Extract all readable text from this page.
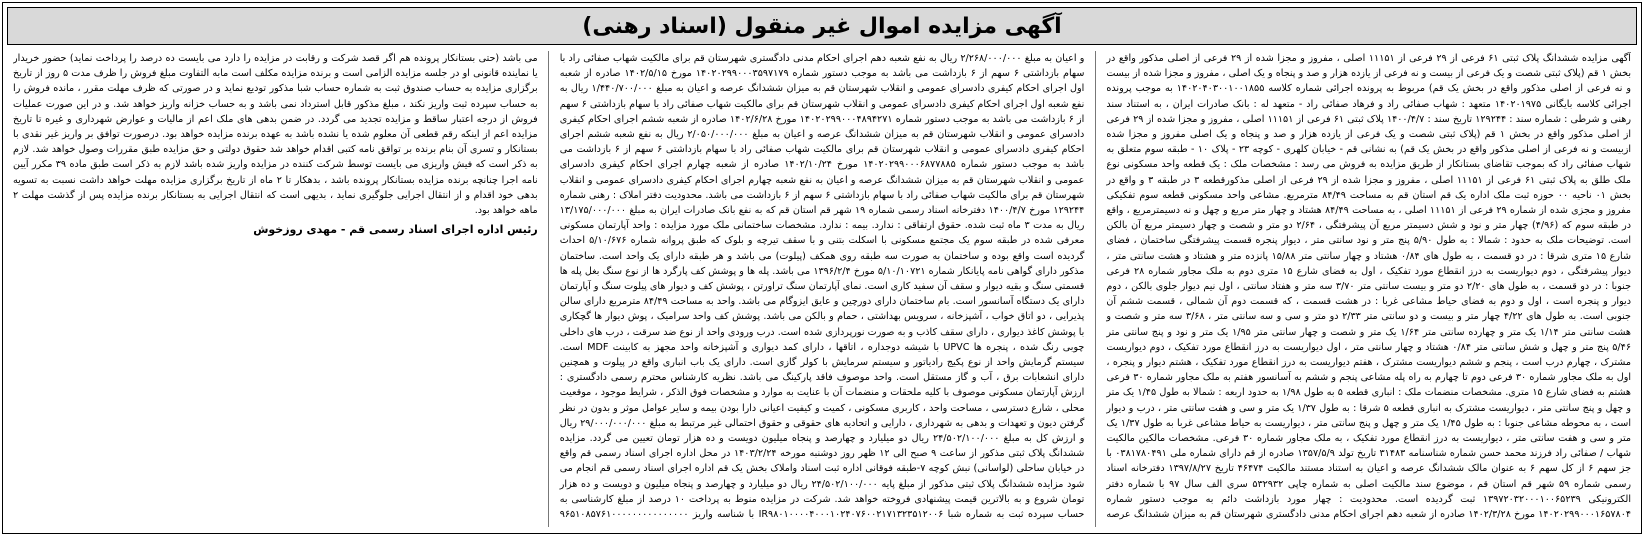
آگهی مزایده اموال غیر منقول (اسناد رهنی)

آگهی مزایده ششدانگ پلاک ثبتی ۶۱ فرعی از ۲۹ فرعی از ۱۱۱۵۱ اصلی ، مفروز و مجزا شده از ۲۹ فرعی از اصلی مذکور واقع در بخش ۱ قم (پلاک ثبتی شصت و یک فرعی از بیست و نه فرعی از یازده هزار و صد و پنجاه و یک اصلی ، مفروز و مجزا شده از بیست و نه فرعی از اصلی مذکور واقع در بخش یک قم) مربوط به پرونده اجرائی شماره کلاسه ۱۴۰۲۰۴۰۳۰۰۱۰۰۱۸۵۵ به موجب پرونده اجرائی کلاسه بایگانی ۱۴۰۲۰۱۹۷۵ متعهد : شهاب صفائی راد و فرهاد صفائی راد - متعهد له : بانک صادرات ایران ، به استناد سند رهنی و شرطی : شماره سند : ۱۲۹۲۴۴ تاریخ سند : ۱۴۰۰/۴/۷ پلاک ثبتی ۶۱ فرعی از ۱۱۱۵۱ اصلی ، مفروز و مجزا شده از ۲۹ فرعی از اصلی مذکور واقع در بخش ۱ قم (پلاک ثبتی شصت و یک فرعی از یازده هزار و صد و پنجاه و یک اصلی مفروز و مجزا شده ازبیست و نه فرعی از اصلی مذکور واقع در بخش یک قم) به نشانی قم - خیابان کلهری - کوچه ۲۳ - پلاک ۱۰ - طبقه سوم متعلق به شهاب صفائی راد که بموجب تقاضای بستانکار از طریق مزایده به فروش می رسد : مشخصات ملک : یک قطعه واحد مسکونی نوع ملک طلق به پلاک ثبتی ۶۱ فرعی از ۱۱۱۵۱ اصلی ، مفروز و مجزا شده از ۲۹ فرعی از اصلی مذکورقطعه ۳ در طبقه ۳ و واقع در بخش ۰۱ ناحیه ۰۰ حوزه ثبت ملک اداره یک قم استان قم به مساحت ۸۴/۴۹ مترمربع. مشاعی واحد مسکونی قطعه سوم تفکیکی مفروز و مجزی شده از شماره ۲۹ فرعی از ۱۱۱۵۱ اصلی ، به مساحت ۸۴/۴۹ هشتاد و چهار متر مربع و چهل و نه دسیمترمربع ، واقع در طبقه سوم که (۴/۹۶) چهار متر و نود و شش دسیمتر مربع آن پیشرفتگی ، ۲/۶۴ دو متر و شصت و چهار دسیمتر مربع آن بالکن است. توضیحات ملک به حدود : شمالا : به طول ۵/۹۰ پنج متر و نود سانتی متر ، دیوار پنجره قسمت پیشرفتگی ساختمان ، فضای شارع ۱۵ متری شرقا : در دو قسمت ، به طول های ۰/۸۴ هشتاد و چهار سانتی متر ۱۵/۸۸ پانزده متر و هشتاد و هشت سانتی متر ، دیوار پیشرفتگی ، دوم دیواریست به درز انقطاع مورد تفکیک ، اول به فضای شارع ۱۵ متری دوم به ملک مجاور شماره ۲۸ فرعی جنوبا : در دو قسمت ، به طول های ۲/۲۰ دو متر و بیست سانتی متر ۳/۷۰ سه متر و هفتاد سانتی ، اول نیم دیوار جلوی بالکن ، دوم دیوار و پنجره است ، اول و دوم به فضای حیاط مشاعی غربا : در هشت قسمت ، که قسمت دوم آن شمالی ، قسمت ششم آن جنوبی است. به طول های ۴/۲۲ چهار متر و بیست و دو سانتی متر ۲/۳۳ دو متر و سی و سه سانتی متر ، ۳/۶۸ سه متر و شصت و هشت سانتی متر ۱/۱۴ یک متر و چهارده سانتی متر ۱/۶۴ یک متر و شصت و چهار سانتی متر ۱/۹۵ یک متر و نود و پنج سانتی متر ۵/۴۶ پنج متر و چهل و شش سانتی متر ۰/۸۴ هشتاد و چهار سانتی متر ، اول دیواریست به درز انقطاع مورد تفکیک ، دوم دیواریست مشترک ، چهارم درب است ، پنجم و ششم دیواریست مشترک ، هفتم دیواریست به درز انقطاع مورد تفکیک ، هشتم دیوار و پنجره ، اول به ملک مجاور شماره ۳۰ فرعی دوم تا چهارم به راه پله مشاعی پنجم و ششم به آسانسور هفتم به ملک مجاور شماره ۳۰ فرعی هشتم به فضای شارع ۱۵ متری. مشخصات منضمات ملک : انباری قطعه ۵ به طول ۱/۹۸ به حدود اربعه : شمالا به طول ۱/۴۵ یک متر و چهل و پنج سانتی متر ، دیواریست مشترک به انباری قطعه ۵ شرقا : به طول ۱/۳۷ یک متر و سی و هفت سانتی متر ، درب و دیوار است ، به محوطه مشاعی جنوبا : به طول ۱/۴۵ یک متر و چهل و پنج سانتی متر ، دیواریست به حیاط مشاعی غربا به طول ۱/۳۷ یک متر و سی و هفت سانتی متر ، دیواریست به درز انقطاع مورد تفکیک ، به ملک مجاور شماره ۳۰ فرعی. مشخصات مالکین مالکیت شهاب / صفائی راد فرزند محمد حسن شماره شناسنامه ۳۱۴۸۳ تاریخ تولد ۱۳۵۷/۵/۹ صادره از قم دارای شماره ملی ۰۳۸۱۷۸۰۴۹۱ با جز سهم ۶ از کل سهم ۶ به عنوان مالک ششدانگ عرصه و اعیان به استناد مستند مالکیت ۴۶۴۷۴ تاریخ ۱۳۹۷/۸/۲۷ دفترخانه اسناد رسمی شماره ۵۹ شهر قم استان قم ، موضوع سند مالکیت اصلی به شماره چاپی ۵۳۲۹۳۲ سری الف سال ۹۷ با شماره دفتر الکترونیکی ۱۳۹۷۲۰۳۲۰۰۰۱۰۰۶۵۲۳۹ ثبت گردیده است. محدودیت : چهار مورد بازداشت دائم به موجب دستور شماره ۱۴۰۲۰۲۹۹۰۰۰۱۶۵۷۸۰۴ مورخ ۱۴۰۲/۳/۲۸ صادره از شعبه دهم اجرای احکام مدنی دادگستری شهرستان قم به میزان ششدانگ عرصه و اعیان به مبلغ ۲/۲۶۸/۰۰۰/۰۰۰ ریال به نفع شعبه دهم اجرای احکام مدنی دادگستری شهرستان قم برای مالکیت شهاب صفائی راد با سهام بازداشتی ۶ سهم از ۶ بازداشت می باشد به موجب دستور شماره ۱۴۰۲۰۲۹۹۰۰۰۳۵۹۷۱۷۹ مورخ ۱۴۰۲/۵/۱۵ صادره از شعبه اول اجرای احکام کیفری دادسرای عمومی و انقلاب شهرستان قم به میزان ششدانگ عرصه و اعیان به مبلغ ۱/۴۴۰/۷۰۰/۰۰۰ ریال به نفع شعبه اول اجرای احکام کیفری دادسرای عمومی و انقلاب شهرستان قم برای مالکیت شهاب صفائی راد با سهام بازداشتی ۶ سهم از ۶ بازداشت می باشد به موجب دستور شماره ۱۴۰۲۰۲۹۹۰۰۰۴۸۹۴۲۷۱ مورخ ۱۴۰۲/۶/۲۸ صادره از شعبه ششم اجرای احکام کیفری دادسرای عمومی و انقلاب شهرستان قم به میزان ششدانگ عرصه و اعیان به مبلغ ۲/۰۵۰/۰۰۰/۰۰۰ ریال به نفع شعبه ششم اجرای احکام کیفری دادسرای عمومی و انقلاب شهرستان قم برای مالکیت شهاب صفائی راد با سهام بازداشتی ۶ سهم از ۶ بازداشت می باشد به موجب دستور شماره ۱۴۰۲۰۲۹۹۰۰۰۶۸۷۷۸۸۵ مورخ ۱۴۰۲/۱۰/۲۴ صادره از شعبه چهارم اجرای احکام کیفری دادسرای عمومی و انقلاب شهرستان قم به میزان ششدانگ عرصه و اعیان به نفع شعبه چهارم اجرای احکام کیفری دادسرای عمومی و انقلاب شهرستان قم برای مالکیت شهاب صفائی راد با سهام بازداشتی ۶ سهم از ۶ بازداشت می باشد. محدودیت دفتر املاک : رهنی شماره ۱۲۹۲۴۴ مورخ ۱۴۰۰/۴/۷ دفترخانه اسناد رسمی شماره ۱۹ شهر قم استان قم که به نفع بانک صادرات ایران به مبلغ ۱۳/۱۷۵/۰۰۰/۰۰۰ ریال به مدت ۳ ماه ثبت شده. حقوق ارتفاقی : ندارد. بیمه : ندارد. مشخصات ساختمانی ملک مورد مزایده : واحد آپارتمان مسکونی معرفی شده در طبقه سوم یک مجتمع مسکونی با اسکلت بتنی و با سقف تیرچه و بلوک که طبق پروانه شماره ۵/۱۰/۶۷۶ احداث گردیده است واقع بوده و ساختمان به صورت سه طبقه روی همکف (پیلوت) می باشد و هر طبقه دارای یک واحد است. ساختمان مذکور دارای گواهی نامه پایانکار شماره ۵/۱۰/۱۰۷۲۱ مورخ ۱۳۹۶/۲/۴ می باشد. پله ها و پوشش کف پارگرد ها از نوع سنگ بغل پله ها قسمتی سنگ و بقیه دیوار و سقف آن سفید کاری است. نمای آپارتمان سنگ تراورتن ، پوشش کف و دیوار های پیلوت سنگ و آپارتمان دارای یک دستگاه آسانسور است. بام ساختمان دارای دورچین و عایق ایزوگام می باشد. واحد به مساحت ۸۴/۴۹ مترمربع دارای سالن پذیرایی ، دو اتاق خواب ، آشپزخانه ، سرویس بهداشتی ، حمام و بالکن می باشد. پوشش کف واحد سرامیک ، پوش دیوار ها گچکاری با پوشش کاغذ دیواری ، دارای سقف کاذب و به صورت نورپردازی شده است. درب ورودی واحد از نوع ضد سرقت ، درب های داخلی چوبی رنگ شده ، پنجره ها UPVC با شیشه دوجداره ، اتاقها ، دارای کمد دیواری و آشپزخانه واحد مجهز به کابینت MDF است. سیستم گرمایش واحد از نوع پکیج رادیاتور و سیستم سرمایش با کولر گازی است. دارای یک باب انباری واقع در پیلوت و همچنین دارای انشعابات برق ، آب و گاز مستقل است. واحد موصوف فاقد پارکینگ می باشد. نظریه کارشناس محترم رسمی دادگستری : ارزش آپارتمان مسکونی موصوف با کلیه ملحقات و منضمات آن با عنایت به موارد و مشخصات فوق الذکر ، شرایط موجود ، موقعیت محلی ، شارع دسترسی ، مساحت واحد ، کاربری مسکونی ، کمیت و کیفیت اعیانی دارا بودن بیمه و سایر عوامل موثر و بدون در نظر گرفتن دیون و تعهدات و بدهی به شهرداری ، دارایی و اتحادیه های حقوقی و حقوق احتمالی غیر مرتبط به مبلغ ۲۹/۰۰۰/۰۰۰/۰۰۰ ریال و ارزش کل به مبلغ ۲۴/۵۰۲/۱۰۰/۰۰۰ ریال دو میلیارد و چهارصد و پنجاه میلیون دویست و ده هزار تومان تعیین می گردد. مزایده ششدانگ پلاک ثبتی مذکور از ساعت ۹ صبح الی ۱۲ ظهر روز دوشنبه مورخه ۱۴۰۳/۲/۲۴ در محل اداره اجرای اسناد رسمی قم واقع در خیابان ساحلی (لواسانی) نبش کوچه ۷-طبقه فوقانی اداره ثبت اسناد واملاک بخش یک قم اداره اجرای اسناد رسمی قم انجام می شود مزایده ششدانگ پلاک ثبتی مذکور از مبلغ پایه ۲۴/۵۰۲/۱۰۰/۰۰۰ ریال دو میلیارد و چهارصد و پنجاه میلیون و دویست و ده هزار تومان شروع و به بالاترین قیمت پیشنهادی فروخته خواهد شد. شرکت در مزایده منوط به پرداخت ۱۰ درصد از مبلغ کارشناسی به حساب سپرده ثبت به شماره شبا IR۹۸۰۱۰۰۰۰۴۰۰۰۱۰۲۴۰۷۶۰۰۲۱۷۱۳۲۳۵۱۲۰۰۶ با شناسه واریز ۹۶۵۱۰۸۵۷۶۱۰۰۰۰۰۰۰۰۰۰۰۰۰۰۰ می باشد (حتی بستانکار پرونده هم اگر قصد شرکت و رقابت در مزایده را دارد می بایست ده درصد را پرداخت نماید) حضور خریدار یا نماینده قانونی او در جلسه مزایده الزامی است و برنده مزایده مکلف است مابه التفاوت مبلغ فروش را ظرف مدت ۵ روز از تاریخ برگزاری مزایده به حساب صندوق ثبت به شماره حساب شبا مذکور تودیع نماید و در صورتی که ظرف مهلت مقرر ، مانده فروش را به حساب سپرده ثبت واریز نکند ، مبلغ مذکور قابل استرداد نمی باشد و به حساب خزانه واریز خواهد شد. و در این صورت عملیات فروش از درجه اعتبار ساقط و مزایده تجدید می گردد. در ضمن بدهی های ملک اعم از مالیات و عوارض شهرداری و غیره تا تاریخ مزایده اعم از اینکه رقم قطعی آن معلوم شده یا نشده باشد به عهده برنده مزایده خواهد بود. درصورت توافق بر واریز غیر نقدی با بستانکار و تسری آن بنام برنده بر تواقق نامه کتبی اقدام خواهد شد حقوق دولتی و حق مزایده طبق مقررات وصول خواهد شد. لازم به ذکر است که فیش واریزی می بایست توسط شرکت کننده در مزایده واریز شده باشد لازم به ذکر است طبق ماده ۳۹ مکرر آیین نامه اجرا چنانچه برنده مزایده بستانکار پرونده باشد ، بدهکار تا ۲ ماه از تاریخ برگزاری مزایده مهلت خواهد داشت نسبت به تسویه بدهی خود اقدام و از انتقال اجرایی جلوگیری نماید ، بدیهی است که انتقال اجرایی به بستانکار برنده مزایده پس از گذشت مهلت ۲ ماهه خواهد بود.

رئیس اداره اجرای اسناد رسمی قم - مهدی روزخوش
